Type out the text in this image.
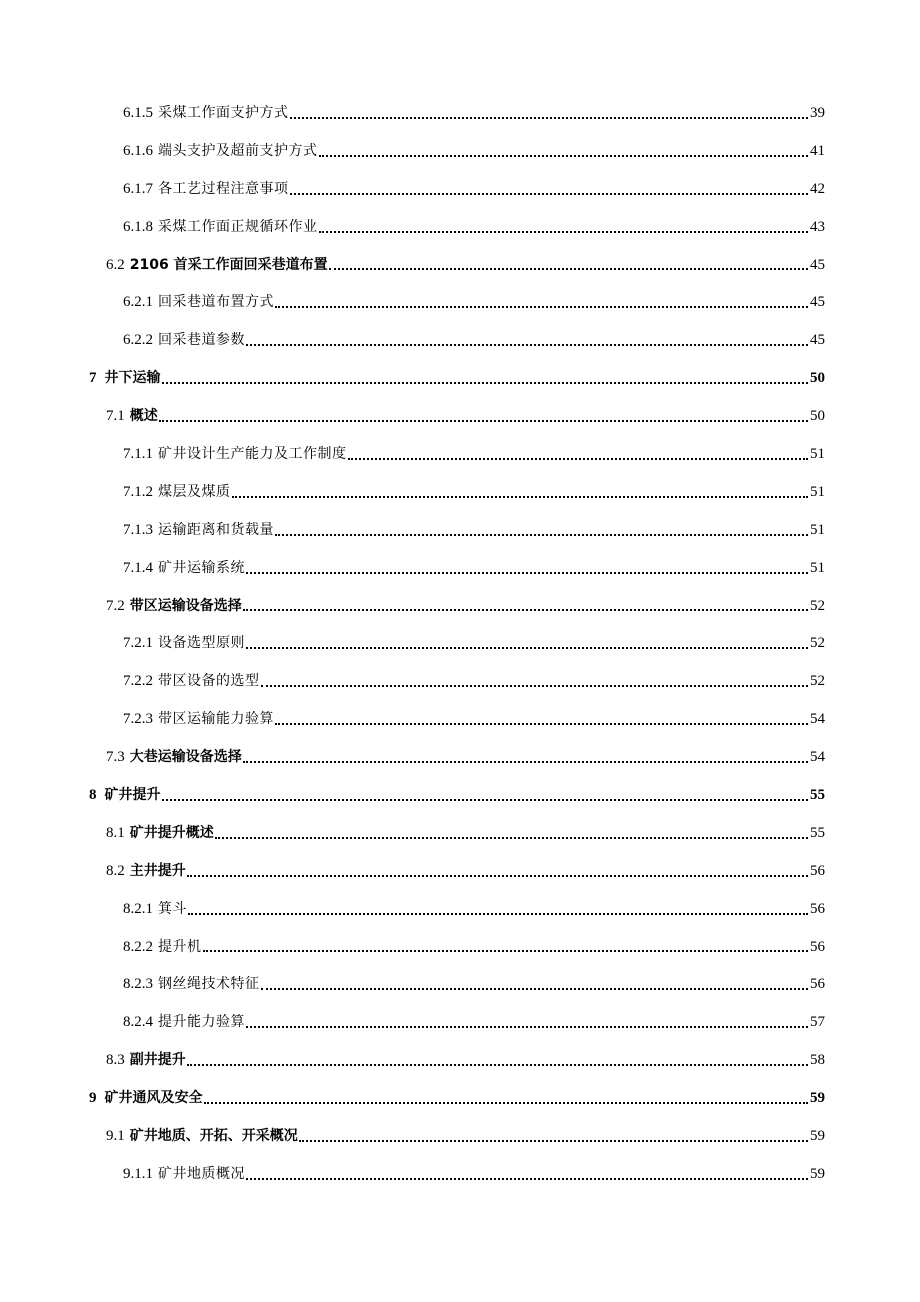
6.1.5 采煤工作面支护方式	39
6.1.6 端头支护及超前支护方式	41
6.1.7 各工艺过程注意事项	42
6.1.8 采煤工作面正规循环作业	43
6.2 2106 首采工作面回采巷道布置	45
6.2.1 回采巷道布置方式	45
6.2.2 回采巷道参数	45
7 井下运输	50
7.1 概述	50
7.1.1 矿井设计生产能力及工作制度	51
7.1.2 煤层及煤质	51
7.1.3 运输距离和货载量	51
7.1.4 矿井运输系统	51
7.2 带区运输设备选择	52
7.2.1 设备选型原则	52
7.2.2 带区设备的选型	52
7.2.3 带区运输能力验算	54
7.3 大巷运输设备选择	54
8 矿井提升	55
8.1 矿井提升概述	55
8.2 主井提升	56
8.2.1 箕斗	56
8.2.2 提升机	56
8.2.3 钢丝绳技术特征	56
8.2.4 提升能力验算	57
8.3 副井提升	58
9 矿井通风及安全	59
9.1 矿井地质、开拓、开采概况	59
9.1.1 矿井地质概况	59
